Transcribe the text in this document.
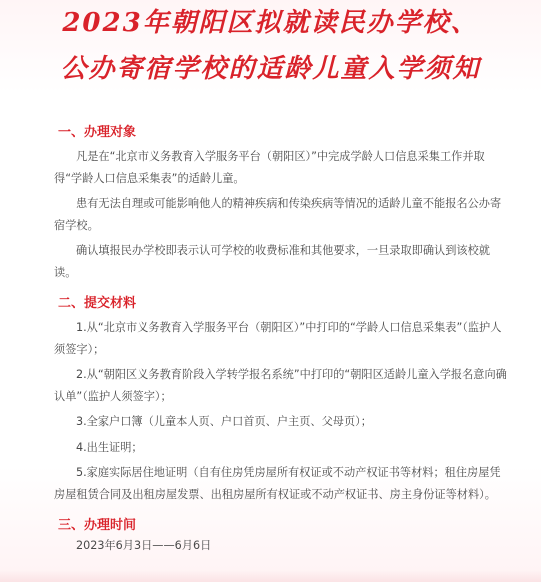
2023年朝阳区拟就读民办学校、
公办寄宿学校的适龄儿童入学须知

一、办理对象

凡是在“北京市义务教育入学服务平台（朝阳区）”中完成学龄人口信息采集工作并取得“学龄人口信息采集表”的适龄儿童。

患有无法自理或可能影响他人的精神疾病和传染疾病等情况的适龄儿童不能报名公办寄宿学校。

确认填报民办学校即表示认可学校的收费标准和其他要求，一旦录取即确认到该校就读。

二、提交材料

1.从“北京市义务教育入学服务平台（朝阳区）”中打印的“学龄人口信息采集表”（监护人须签字）；

2.从“朝阳区义务教育阶段入学转学报名系统”中打印的“朝阳区适龄儿童入学报名意向确认单”（监护人须签字）；

3.全家户口簿（儿童本人页、户口首页、户主页、父母页）；

4.出生证明；

5.家庭实际居住地证明（自有住房凭房屋所有权证或不动产权证书等材料；租住房屋凭房屋租赁合同及出租房屋发票、出租房屋所有权证或不动产权证书、房主身份证等材料）。

三、办理时间

2023年6月3日——6月6日
